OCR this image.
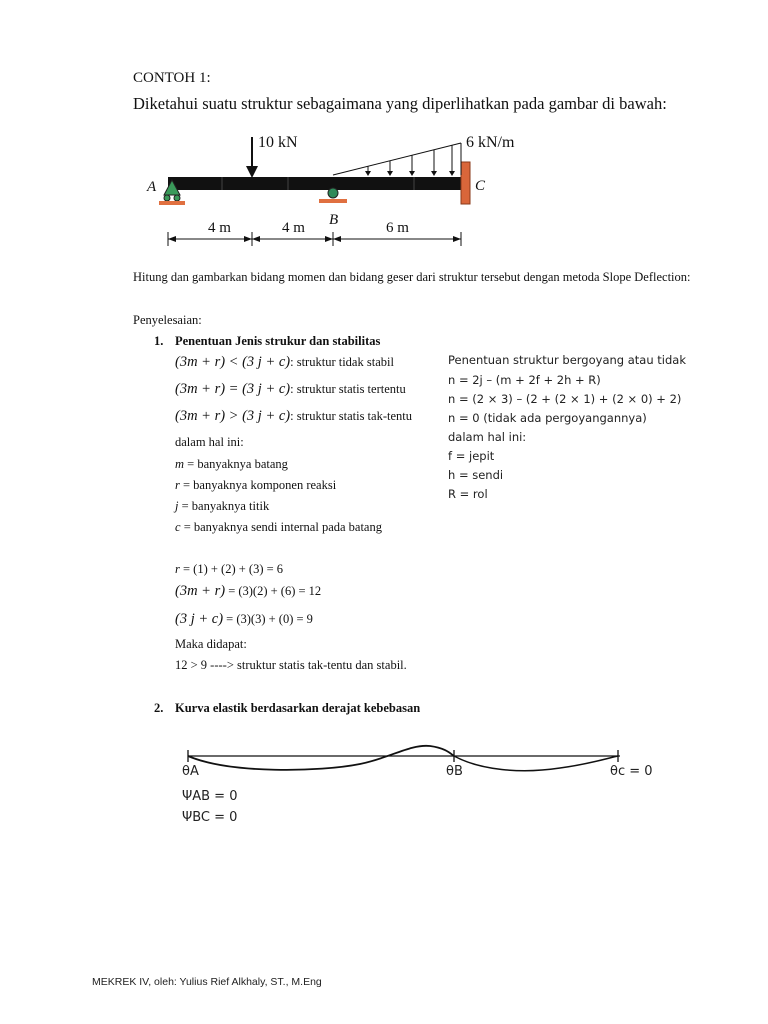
CONTOH 1:
Diketahui suatu struktur sebagaimana yang diperlihatkan pada gambar di bawah:
10 kN	6 kN/m
A
B
C
4 m	4 m	6 m
Hitung dan gambarkan bidang momen dan bidang geser dari struktur tersebut dengan metoda Slope Deflection:
Penyelesaian:
1. Penentuan Jenis strukur dan stabilitas
(3m + r) < (3 j + c): struktur tidak stabil
(3m + r) = (3 j + c): struktur statis tertentu
(3m + r) > (3 j + c): struktur statis tak-tentu
dalam hal ini:
m = banyaknya batang
r = banyaknya komponen reaksi
j = banyaknya titik
c = banyaknya sendi internal pada batang
r = (1) + (2) + (3) = 6
(3m + r) = (3)(2) + (6) = 12
(3 j + c) = (3)(3) + (0) = 9
Maka didapat:
12 > 9 ----> struktur statis tak-tentu dan stabil.
Penentuan struktur bergoyang atau tidak
n = 2j – (m + 2f + 2h + R)
n = (2 × 3) – (2 + (2 × 1) + (2 × 0) + 2)
n = 0 (tidak ada pergoyangannya)
dalam hal ini:
f = jepit
h = sendi
R = rol
2. Kurva elastik berdasarkan derajat kebebasan
θA	θB	θc = 0
ΨAB = 0
ΨBC = 0
MEKREK IV, oleh: Yulius Rief Alkhaly, ST., M.Eng
